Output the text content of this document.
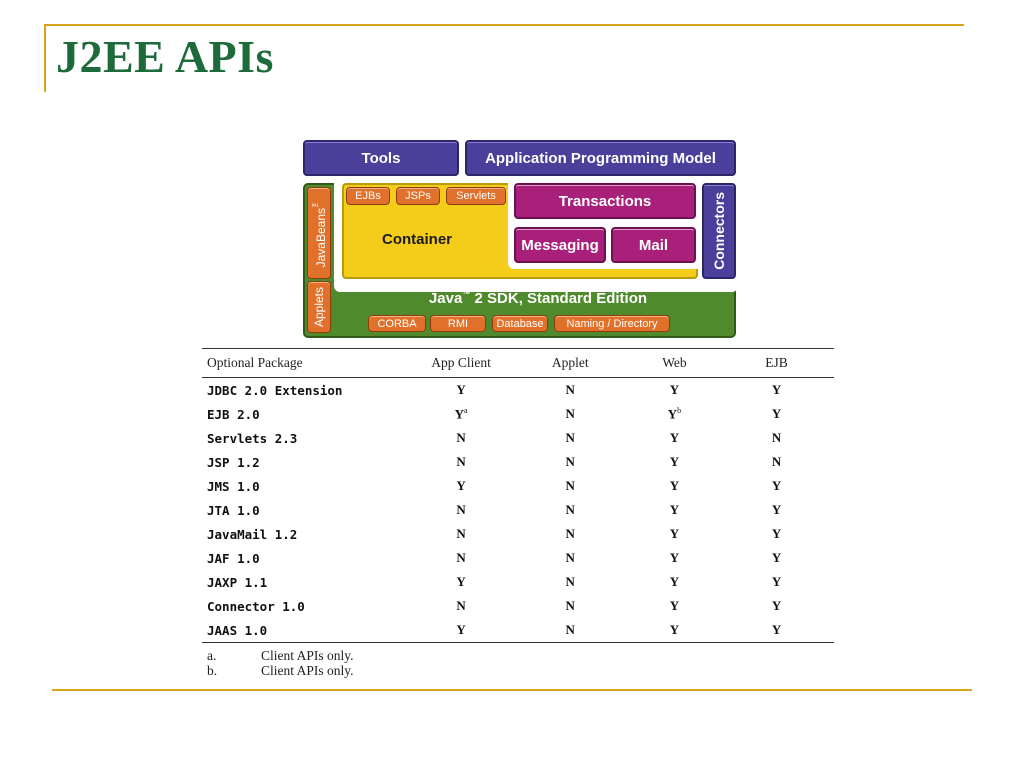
J2EE APIs
Tools	Application Programming Model
JavaBeans™
Applets
Container
EJBs	JSPs	Servlets	Transactions
Messaging	Mail	Connectors
Java™ 2 SDK, Standard Edition
CORBA	RMI	Database	Naming / Directory
Optional Package	App Client	Applet	Web	EJB
JDBC 2.0 Extension	Y	N	Y	Y
EJB 2.0	$Y^a$	N	$Y^b$	Y
Servlets 2.3	N	N	Y	N
JSP 1.2	N	N	Y	N
JMS 1.0	Y	N	Y	Y
JTA 1.0	N	N	Y	Y
JavaMail 1.2	N	N	Y	Y
JAF 1.0	N	N	Y	Y
JAXP 1.1	Y	N	Y	Y
Connector 1.0	N	N	Y	Y
JAAS 1.0	Y	N	Y	Y
a.	Client APIs only.
b.	Client APIs only.
